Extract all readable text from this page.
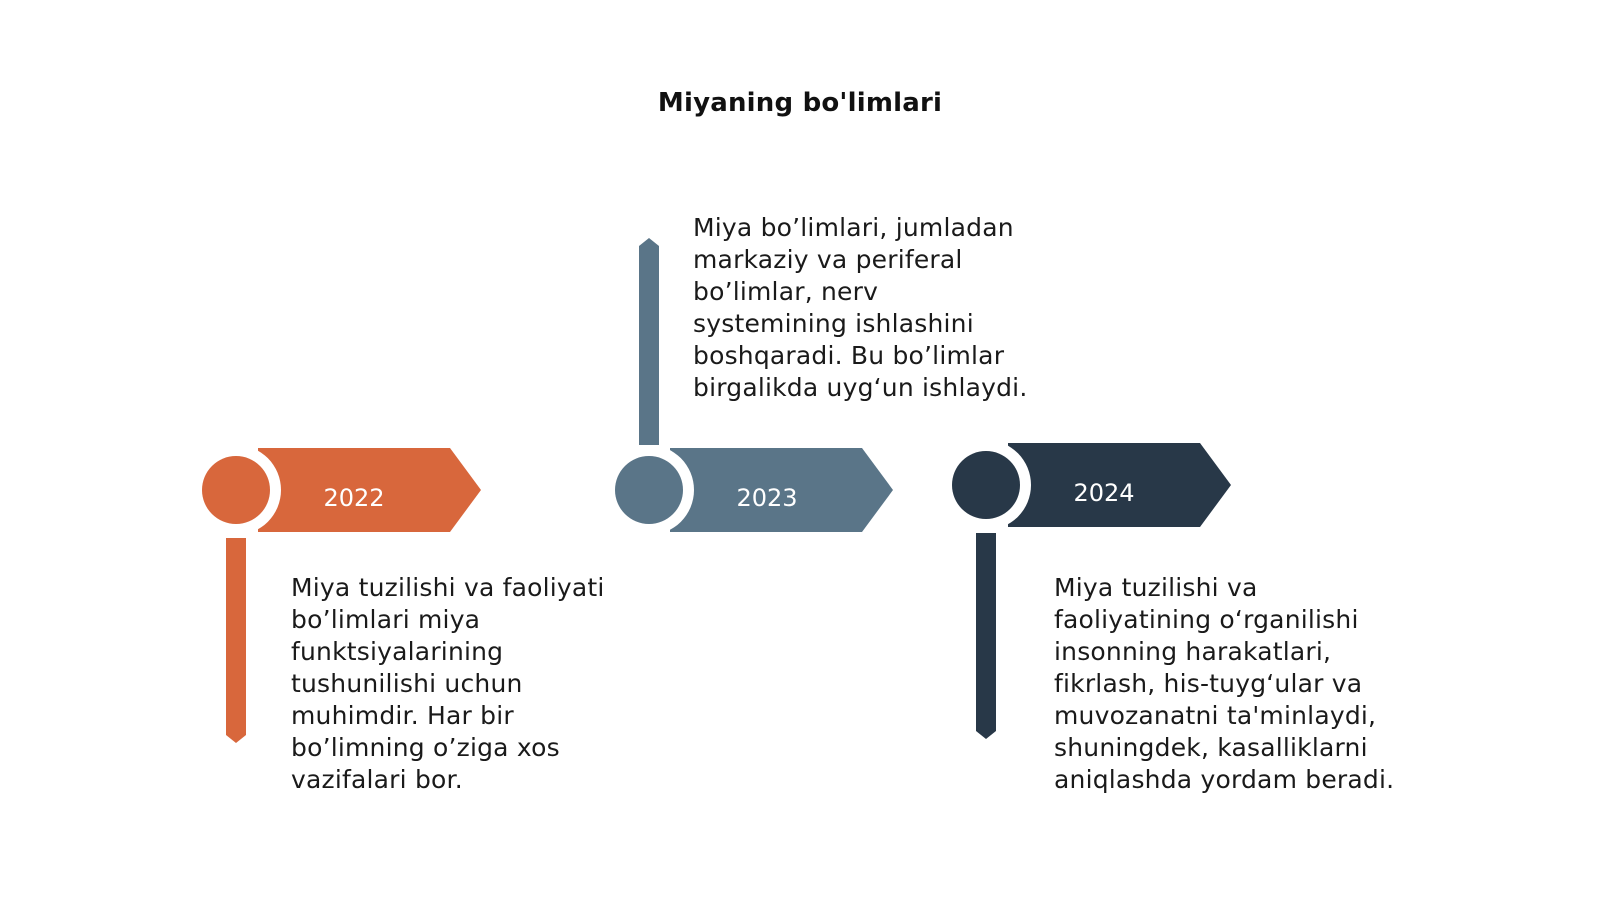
Miyaning bo'limlari
2022	2023	2024
Miya tuzilishi va faoliyati
bo’limlari miya
funktsiyalarining
tushunilishi uchun
muhimdir. Har bir
bo’limning o’ziga xos
vazifalari bor.
Miya bo’limlari, jumladan
markaziy va periferal
bo’limlar, nerv
systemining ishlashini
boshqaradi. Bu bo’limlar
birgalikda uyg‘un ishlaydi.
Miya tuzilishi va
faoliyatining o‘rganilishi
insonning harakatlari,
fikrlash, his-tuyg‘ular va
muvozanatni ta'minlaydi,
shuningdek, kasalliklarni
aniqlashda yordam beradi.
